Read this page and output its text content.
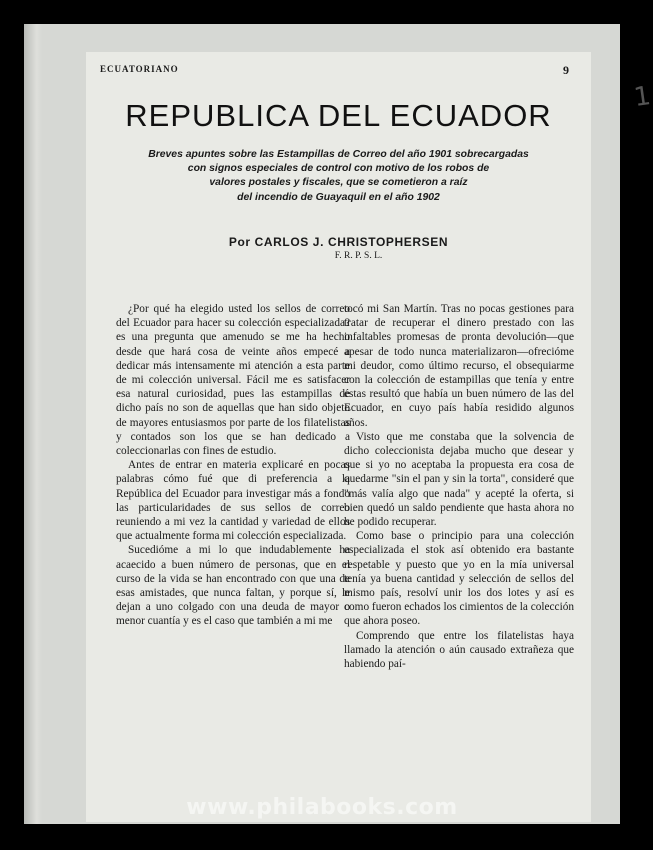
ECUATORIANO	9
1
REPUBLICA DEL ECUADOR
Breves apuntes sobre las Estampillas de Correo del año 1901 sobrecargadas
con signos especiales de control con motivo de los robos de
valores postales y fiscales, que se cometieron a raíz
del incendio de Guayaquil en el año 1902
Por CARLOS J. CHRISTOPHERSEN
F. R. P. S. L.

¿Por qué ha elegido usted los sellos de correo del Ecuador para hacer su colección especializada? es una pregunta que amenudo se me ha hecho desde que hará cosa de veinte años empecé a dedicar más intensamente mi atención a esta parte de mi colección universal. Fácil me es satisfacer esa natural curiosidad, pues las estampillas de dicho país no son de aquellas que han sido objeto de mayores entusiasmos por parte de los filatelistas y contados son los que se han dedicado a coleccionarlas con fines de estudio.

Antes de entrar en materia explicaré en pocas palabras cómo fué que di preferencia a la República del Ecuador para investigar más a fondo las particularidades de sus sellos de correo reuniendo a mi vez la cantidad y variedad de ellos que actualmente forma mi colección especializada.

Sucedióme a mi lo que indudablemente ha acaecido a buen número de personas, que en el curso de la vida se han encontrado con que una de esas amistades, que nunca faltan, y porque sí, le dejan a uno colgado con una deuda de mayor o menor cuantía y es el caso que también a mi me

tocó mi San Martín. Tras no pocas gestiones para tratar de recuperar el dinero prestado con las infaltables promesas de pronta devolución—que apesar de todo nunca materializaron—ofrecióme mi deudor, como último recurso, el obsequiarme con la colección de estampillas que tenía y entre éstas resultó que había un buen número de las del Ecuador, en cuyo país había residido algunos años.

Visto que me constaba que la solvencia de dicho coleccionista dejaba mucho que desear y que si yo no aceptaba la propuesta era cosa de quedarme "sin el pan y sin la torta", consideré que "más valía algo que nada" y acepté la oferta, si bien quedó un saldo pendiente que hasta ahora no he podido recuperar.

Como base o principio para una colección especializada el stok así obtenido era bastante respetable y puesto que yo en la mía universal tenía ya buena cantidad y selección de sellos del mismo país, resolví unir los dos lotes y así es como fueron echados los cimientos de la colección que ahora poseo.

Comprendo que entre los filatelistas haya llamado la atención o aún causado extrañeza que habiendo paí-

www.philabooks.com
